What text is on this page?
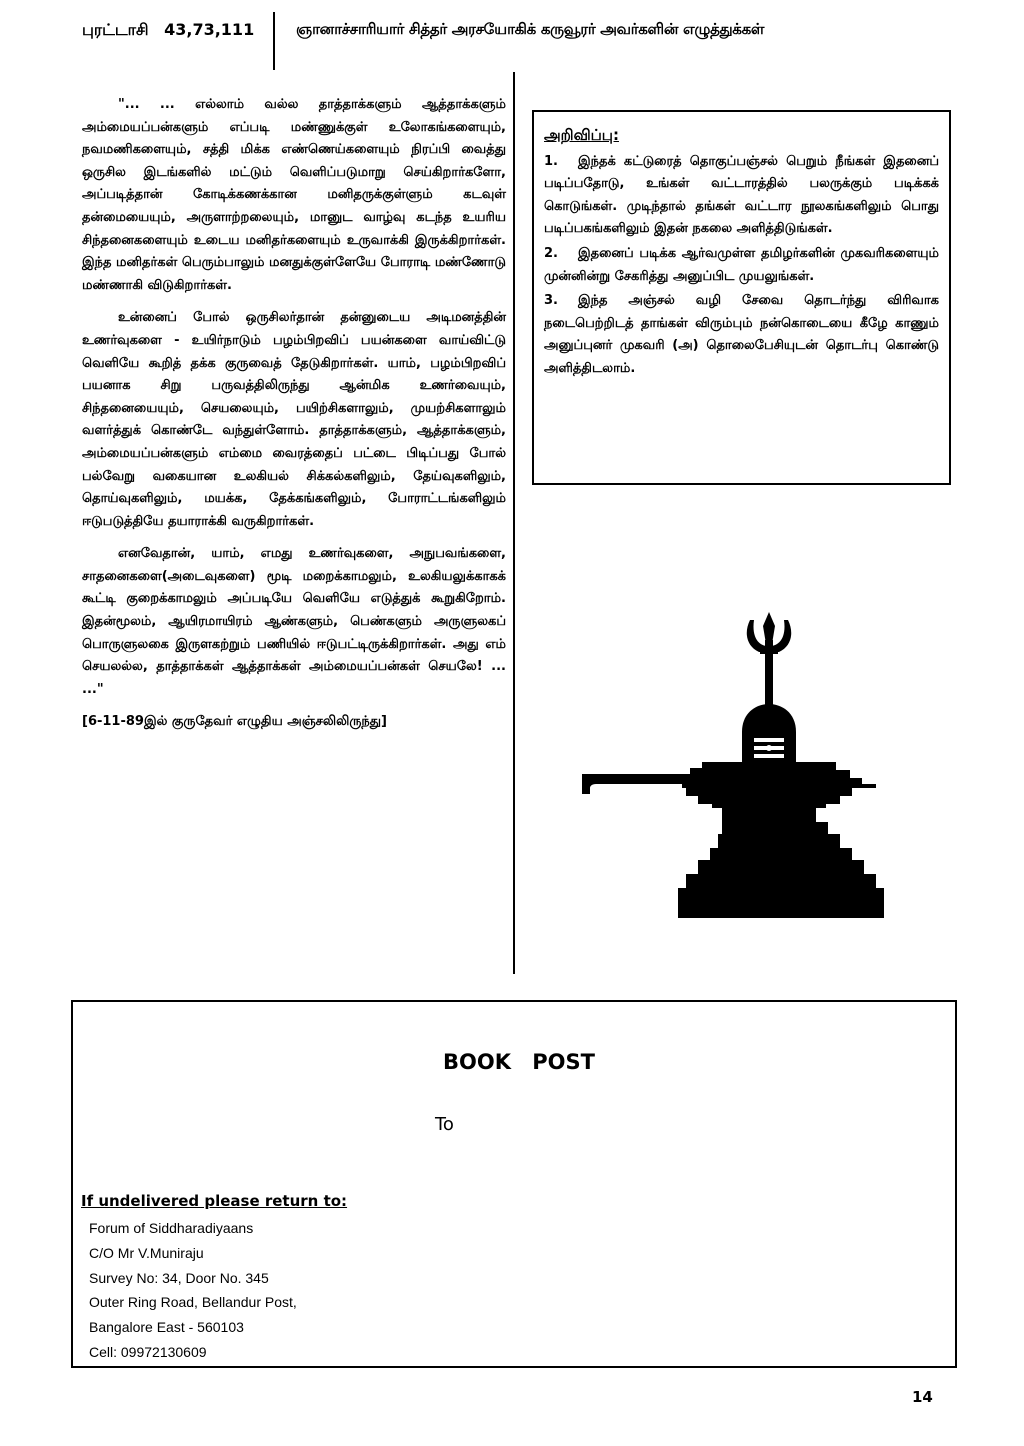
புரட்டாசி 43,73,111	ஞானாச்சாரியார் சித்தர் அரசயோகிக் கருவூரர் அவர்களின் எழுத்துக்கள்

"... ... எல்லாம் வல்ல தாத்தாக்களும் ஆத்தாக்களும் அம்மையப்பன்களும் எப்படி மண்ணுக்குள் உலோகங்களையும், நவமணிகளையும், சத்தி மிக்க எண்ணெய்களையும் நிரப்பி வைத்து ஒருசில இடங்களில் மட்டும் வெளிப்படுமாறு செய்கிறார்களோ, அப்படித்தான் கோடிக்கணக்கான மனிதருக்குள்ளும் கடவுள் தன்மையையும், அருளாற்றலையும், மானுட வாழ்வு கடந்த உயரிய சிந்தனைகளையும் உடைய மனிதர்களையும் உருவாக்கி இருக்கிறார்கள். இந்த மனிதர்கள் பெரும்பாலும் மனதுக்குள்ளேயே போராடி மண்ணோடு மண்ணாகி விடுகிறார்கள்.

உன்னைப் போல் ஒருசிலர்தான் தன்னுடைய அடிமனத்தின் உணர்வுகளை - உயிர்நாடும் பழம்பிறவிப் பயன்களை வாய்விட்டு வெளியே கூறித் தக்க குருவைத் தேடுகிறார்கள். யாம், பழம்பிறவிப் பயனாக சிறு பருவத்திலிருந்து ஆன்மிக உணர்வையும், சிந்தனையையும், செயலையும், பயிற்சிகளாலும், முயற்சிகளாலும் வளர்த்துக் கொண்டே வந்துள்ளோம். தாத்தாக்களும், ஆத்தாக்களும், அம்மையப்பன்களும் எம்மை வைரத்தைப் பட்டை பிடிப்பது போல் பல்வேறு வகையான உலகியல் சிக்கல்களிலும், தேய்வுகளிலும், தொய்வுகளிலும், மயக்க, தேக்கங்களிலும், போராட்டங்களிலும் ஈடுபடுத்தியே தயாராக்கி வருகிறார்கள்.

எனவேதான், யாம், எமது உணர்வுகளை, அநுபவங்களை, சாதனைகளை(அடைவுகளை) மூடி மறைக்காமலும், உலகியலுக்காகக் கூட்டி குறைக்காமலும் அப்படியே வெளியே எடுத்துக் கூறுகிறோம். இதன்மூலம், ஆயிரமாயிரம் ஆண்களும், பெண்களும் அருளுலகப் பொருளுலகை இருளகற்றும் பணியில் ஈடுபட்டிருக்கிறார்கள். அது எம் செயலல்ல, தாத்தாக்கள் ஆத்தாக்கள் அம்மையப்பன்கள் செயலே! ... ..."

[6-11-89இல் குருதேவர் எழுதிய அஞ்சலிலிருந்து]

அறிவிப்பு:

1. இந்தக் கட்டுரைத் தொகுப்பஞ்சல் பெறும் நீங்கள் இதனைப் படிப்பதோடு, உங்கள் வட்டாரத்தில் பலருக்கும் படிக்கக் கொடுங்கள். முடிந்தால் தங்கள் வட்டார நூலகங்களிலும் பொது படிப்பகங்களிலும் இதன் நகலை அளித்திடுங்கள்.

2. இதனைப் படிக்க ஆர்வமுள்ள தமிழர்களின் முகவரிகளையும் முன்னின்று சேகரித்து அனுப்பிட முயலுங்கள்.

3. இந்த அஞ்சல் வழி சேவை தொடர்ந்து விரிவாக நடைபெற்றிடத் தாங்கள் விரும்பும் நன்கொடையை கீழே காணும் அனுப்புனர் முகவரி (அ) தொலைபேசியுடன் தொடர்பு கொண்டு அளித்திடலாம்.

BOOK POST
To
If undelivered please return to:
Forum of Siddharadiyaans
C/O Mr V.Muniraju
Survey No: 34, Door No. 345
Outer Ring Road, Bellandur Post,
Bangalore East - 560103
Cell: 09972130609
14
